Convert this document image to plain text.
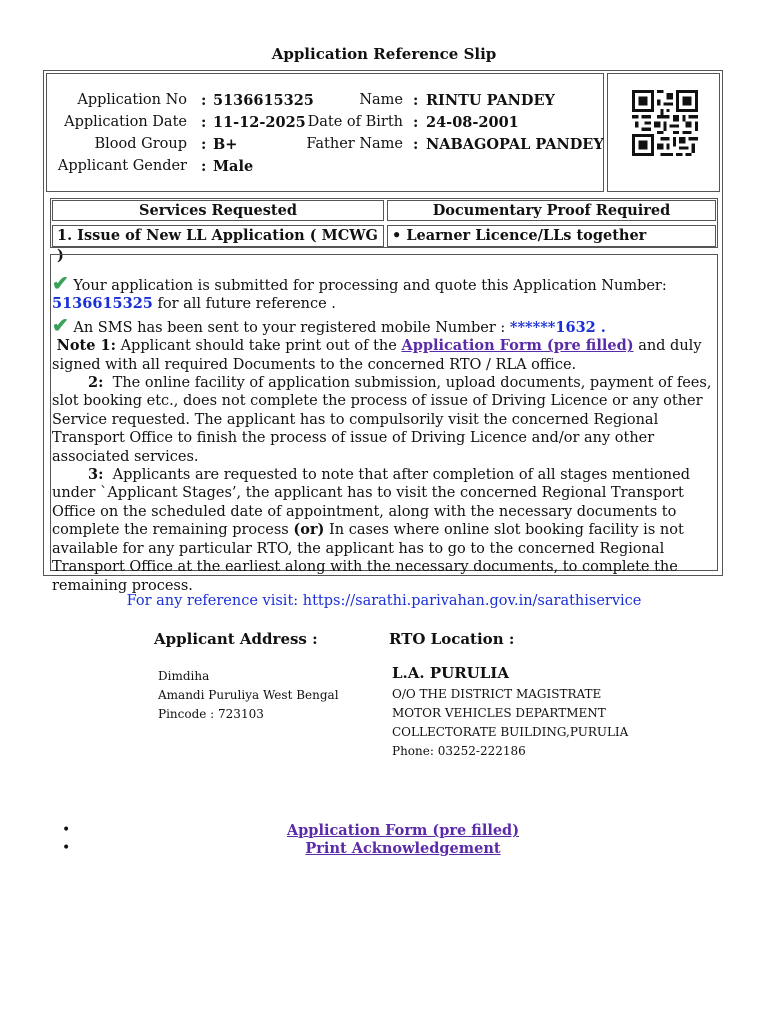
Application Reference Slip
Application No : 5136615325
Application Date : 11-12-2025
Blood Group : B+
Applicant Gender : Male
Name : RINTU PANDEY
Date of Birth : 24-08-2001
Father Name : NABAGOPAL PANDEY
Services Requested	Documentary Proof Required
1. Issue of New LL Application ( MCWG )
• Learner Licence/LLs together
✔ Your application is submitted for processing and quote this Application Number:
5136615325 for all future reference .
✔ An SMS has been sent to your registered mobile Number : ******1632 .
Note 1: Applicant should take print out of the Application Form (pre filled) and duly signed with all required Documents to the concerned RTO / RLA office.
2: The online facility of application submission, upload documents, payment of fees, slot booking etc., does not complete the process of issue of Driving Licence or any other Service requested. The applicant has to compulsorily visit the concerned Regional Transport Office to finish the process of issue of Driving Licence and/or any other associated services.
3: Applicants are requested to note that after completion of all stages mentioned under `Applicant Stages’, the applicant has to visit the concerned Regional Transport Office on the scheduled date of appointment, along with the necessary documents to complete the remaining process (or) In cases where online slot booking facility is not available for any particular RTO, the applicant has to go to the concerned Regional Transport Office at the earliest along with the necessary documents, to complete the remaining process.
For any reference visit: https://sarathi.parivahan.gov.in/sarathiservice
Applicant Address :	RTO Location :
Dimdiha
Amandi Puruliya West Bengal
Pincode : 723103
L.A. PURULIA
O/O THE DISTRICT MAGISTRATE
MOTOR VEHICLES DEPARTMENT
COLLECTORATE BUILDING,PURULIA
Phone: 03252-222186
•
•
Application Form (pre filled)
Print Acknowledgement
